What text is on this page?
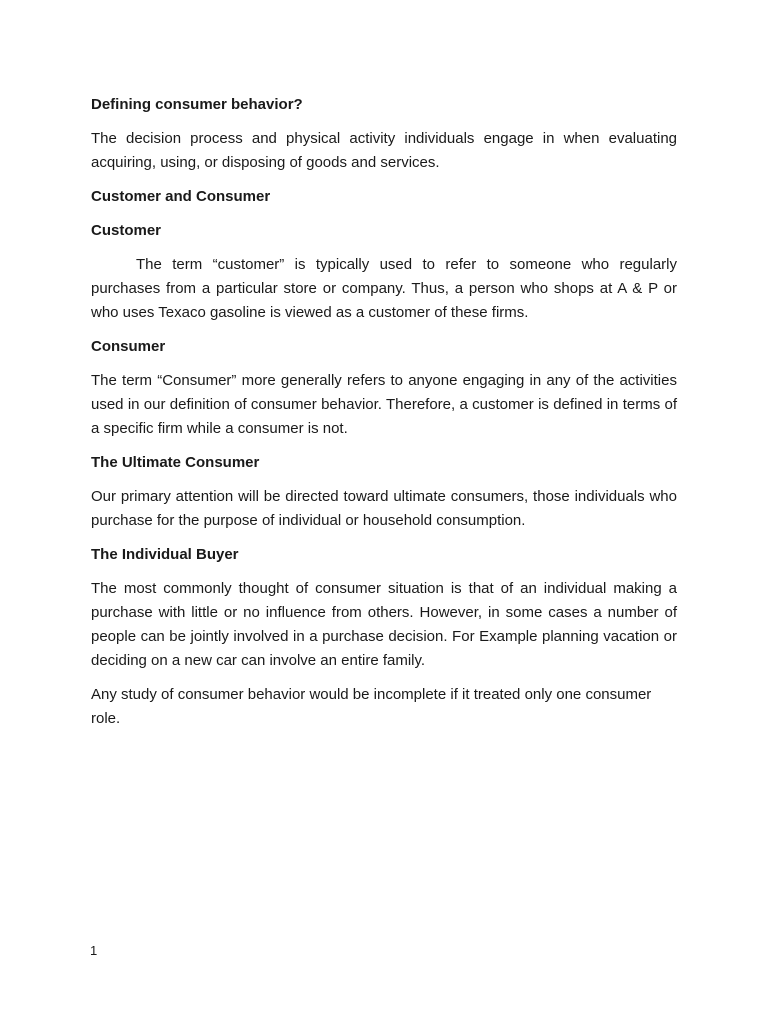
Defining consumer behavior?
The decision process and physical activity individuals engage in when evaluating acquiring, using, or disposing of goods and services.
Customer and Consumer
Customer
The term “customer” is typically used to refer to someone who regularly purchases from a particular store or company. Thus, a person who shops at A & P or who uses Texaco gasoline is viewed as a customer of these firms.
Consumer
The term “Consumer” more generally refers to anyone engaging in any of the activities used in our definition of consumer behavior. Therefore, a customer is defined in terms of a specific firm while a consumer is not.
The Ultimate Consumer
Our primary attention will be directed toward ultimate consumers, those individuals who purchase for the purpose of individual or household consumption.
The Individual Buyer
The most commonly thought of consumer situation is that of an individual making a purchase with little or no influence from others. However, in some cases a number of people can be jointly involved in a purchase decision. For Example planning vacation or deciding on a new car can involve an entire family.
Any study of consumer behavior would be incomplete if it treated only one consumer role.
1
